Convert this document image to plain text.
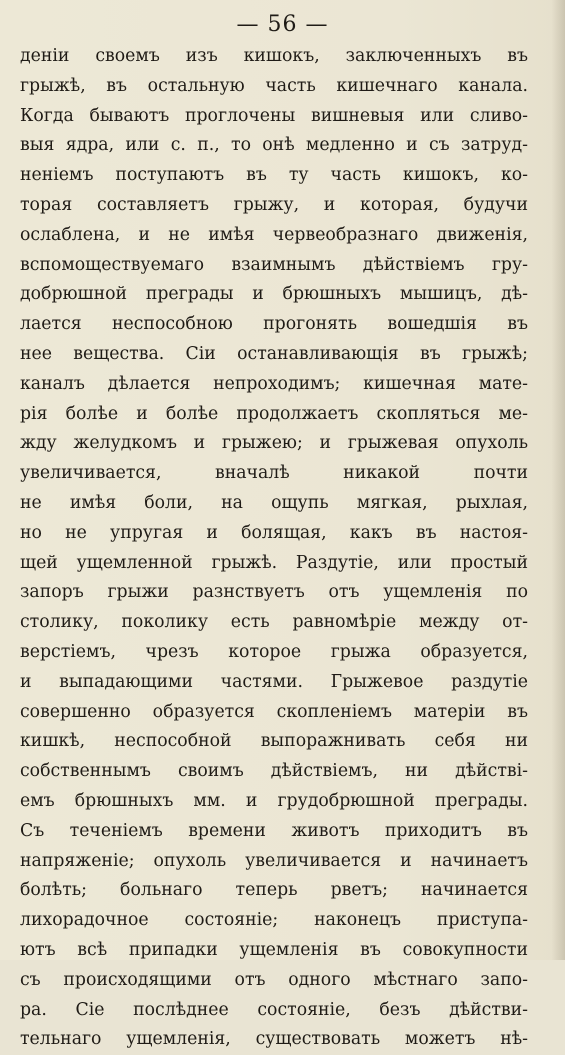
— 56 —
деніи своемъ изъ кишокъ, заключенныхъ въ
грыжѣ, въ остальную часть кишечнаго канала.
Когда бываютъ проглочены вишневыя или сливо-
выя ядра, или с. п., то онѣ медленно и съ затруд-
неніемъ поступаютъ въ ту часть кишокъ, ко-
торая составляетъ грыжу, и которая, будучи
ослаблена, и не имѣя червеобразнаго движенія,
вспомоществуемаго взаимнымъ дѣйствіемъ гру-
добрюшной преграды и брюшныхъ мышицъ, дѣ-
лается неспособною прогонять вошедшія въ
нее вещества. Сіи останавливающія въ грыжѣ;
каналъ дѣлается непроходимъ; кишечная мате-
рія болѣе и болѣе продолжаетъ скопляться ме-
жду желудкомъ и грыжею; и грыжевая опухоль
увеличивается, вначалѣ никакой почти
не имѣя боли, на ощупь мягкая, рыхлая,
но не упругая и болящая, какъ въ настоя-
щей ущемленной грыжѣ. Раздутіе, или простый
запоръ грыжи разнствуетъ отъ ущемленія по
столику, поколику есть равномѣріе между от-
верстіемъ, чрезъ которое грыжа образуется,
и выпадающими частями. Грыжевое раздутіе
совершенно образуется скопленіемъ матеріи въ
кишкѣ, неспособной выпоражнивать себя ни
собственнымъ своимъ дѣйствіемъ, ни дѣйствi-
емъ брюшныхъ мм. и грудобрюшной преграды.
Съ теченіемъ времени животъ приходитъ въ
напряженіе; опухоль увеличивается и начинаетъ
болѣть; больнаго теперь рветъ; начинается
лихорадочное состояніе; наконецъ приступа-
ютъ всѣ припадки ущемленія въ совокупности
съ происходящими отъ одного мѣстнаго запо-
ра. Сіе послѣднее состояніе, безъ дѣйстви-
тельнаго ущемленія, существовать можетъ нѣ-
